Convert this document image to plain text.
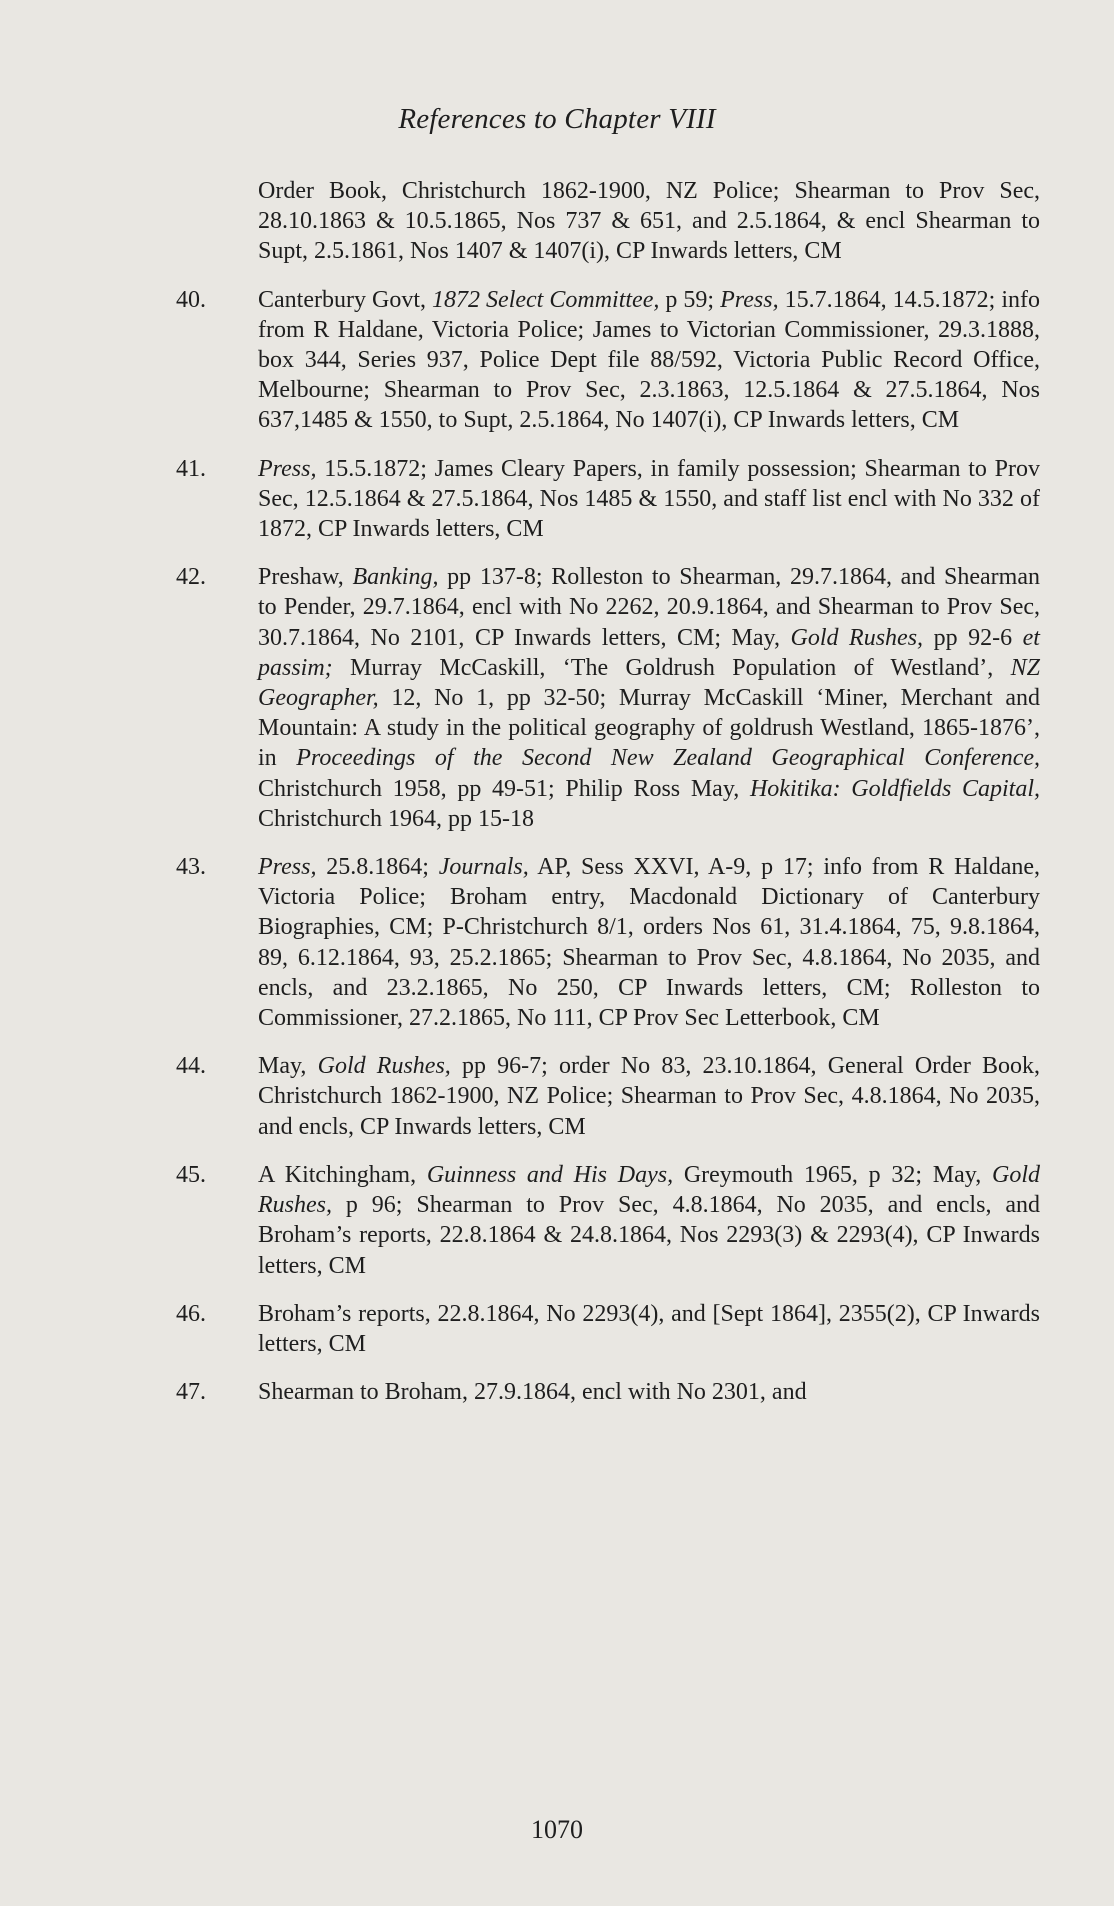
References to Chapter VIII
Order Book, Christchurch 1862-1900, NZ Police; Shearman to Prov Sec, 28.10.1863 & 10.5.1865, Nos 737 & 651, and 2.5.1864, & encl Shearman to Supt, 2.5.1861, Nos 1407 & 1407(i), CP Inwards letters, CM
40.	Canterbury Govt, 1872 Select Committee, p 59; Press, 15.7.1864, 14.5.1872; info from R Haldane, Victoria Police; James to Victorian Commissioner, 29.3.1888, box 344, Series 937, Police Dept file 88/592, Victoria Public Record Office, Melbourne; Shearman to Prov Sec, 2.3.1863, 12.5.1864 & 27.5.1864, Nos 637,1485 & 1550, to Supt, 2.5.1864, No 1407(i), CP Inwards letters, CM
41.	Press, 15.5.1872; James Cleary Papers, in family possession; Shearman to Prov Sec, 12.5.1864 & 27.5.1864, Nos 1485 & 1550, and staff list encl with No 332 of 1872, CP Inwards letters, CM
42.	Preshaw, Banking, pp 137-8; Rolleston to Shearman, 29.7.1864, and Shearman to Pender, 29.7.1864, encl with No 2262, 20.9.1864, and Shearman to Prov Sec, 30.7.1864, No 2101, CP Inwards letters, CM; May, Gold Rushes, pp 92-6 et passim; Murray McCaskill, ‘The Goldrush Population of Westland’, NZ Geographer, 12, No 1, pp 32-50; Murray McCaskill ‘Miner, Merchant and Mountain: A study in the political geography of goldrush Westland, 1865-1876’, in Proceedings of the Second New Zealand Geographical Conference, Christchurch 1958, pp 49-51; Philip Ross May, Hokitika: Goldfields Capital, Christchurch 1964, pp 15-18
43.	Press, 25.8.1864; Journals, AP, Sess XXVI, A-9, p 17; info from R Haldane, Victoria Police; Broham entry, Macdonald Dictionary of Canterbury Biographies, CM; P-Christchurch 8/1, orders Nos 61, 31.4.1864, 75, 9.8.1864, 89, 6.12.1864, 93, 25.2.1865; Shearman to Prov Sec, 4.8.1864, No 2035, and encls, and 23.2.1865, No 250, CP Inwards letters, CM; Rolleston to Commissioner, 27.2.1865, No 111, CP Prov Sec Letterbook, CM
44.	May, Gold Rushes, pp 96-7; order No 83, 23.10.1864, General Order Book, Christchurch 1862-1900, NZ Police; Shearman to Prov Sec, 4.8.1864, No 2035, and encls, CP Inwards letters, CM
45.	A Kitchingham, Guinness and His Days, Greymouth 1965, p 32; May, Gold Rushes, p 96; Shearman to Prov Sec, 4.8.1864, No 2035, and encls, and Broham’s reports, 22.8.1864 & 24.8.1864, Nos 2293(3) & 2293(4), CP Inwards letters, CM
46.	Broham’s reports, 22.8.1864, No 2293(4), and [Sept 1864], 2355(2), CP Inwards letters, CM
47.	Shearman to Broham, 27.9.1864, encl with No 2301, and
1070
